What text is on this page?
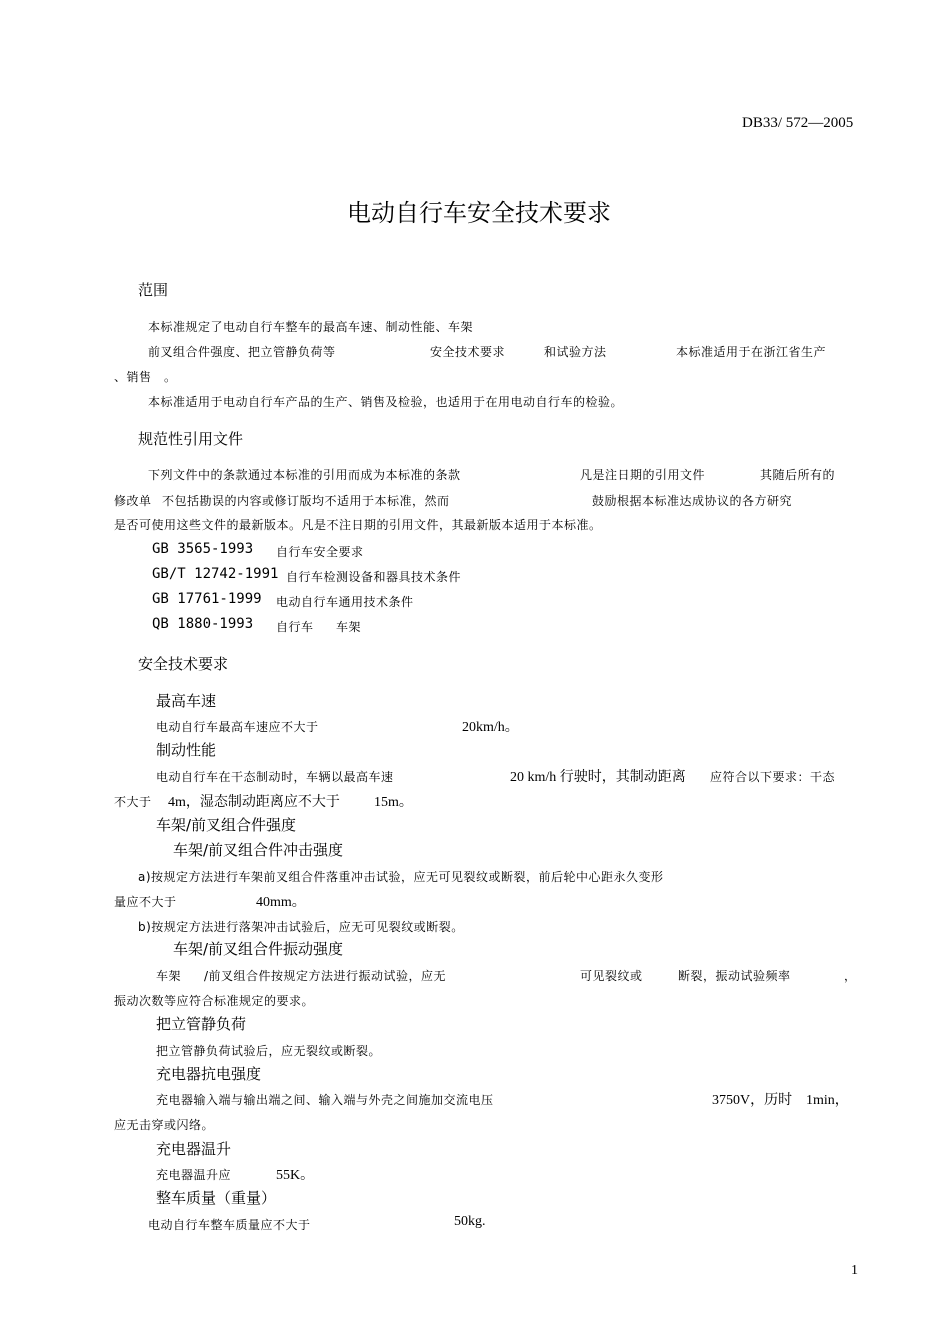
DB33/ 572—2005
电动自行车安全技术要求
范围
本标准规定了电动自行车整车的最高车速、制动性能、车架
前叉组合件强度、把立管静负荷等	安全技术要求	和试验方法	本标准适用于在浙江省生产
、销售 。
本标准适用于电动自行车产品的生产、销售及检验，也适用于在用电动自行车的检验。
规范性引用文件
下列文件中的条款通过本标准的引用而成为本标准的条款	凡是注日期的引用文件	其随后所有的
修改单 不包括勘误的内容或修订版均不适用于本标准，然而	鼓励根据本标准达成协议的各方研究
是否可使用这些文件的最新版本。凡是不注日期的引用文件，其最新版本适用于本标准。
GB 3565-1993 自行车安全要求
GB/T 12742-1991 自行车检测设备和器具技术条件
GB 17761-1999 电动自行车通用技术条件
QB 1880-1993 自行车 车架
安全技术要求
最高车速
电动自行车最高车速应不大于	20km/h。
制动性能
电动自行车在干态制动时，车辆以最高车速	20 km/h 行驶时，其制动距离 应符合以下要求：干态
不大于 4m，湿态制动距离应不大于 15m。
车架/前叉组合件强度
车架/前叉组合件冲击强度
a)按规定方法进行车架前叉组合件落重冲击试验，应无可见裂纹或断裂，前后轮中心距永久变形
量应不大于	40mm。
b)按规定方法进行落架冲击试验后，应无可见裂纹或断裂。
车架/前叉组合件振动强度
车架 /前叉组合件按规定方法进行振动试验，应无	可见裂纹或	断裂，振动试验频率	，
振动次数等应符合标准规定的要求。
把立管静负荷
把立管静负荷试验后，应无裂纹或断裂。
充电器抗电强度
充电器输入端与输出端之间、输入端与外壳之间施加交流电压	3750V，历时 1min，
应无击穿或闪络。
充电器温升
充电器温升应	55K。
整车质量（重量）
电动自行车整车质量应不大于	50kg.
1
